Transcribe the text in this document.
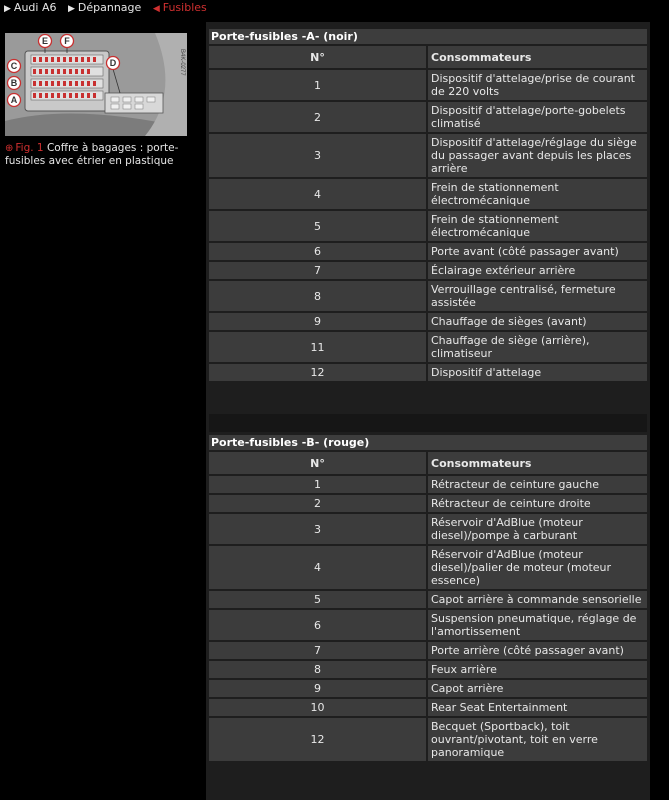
▶ Audi A6 ▶ Dépannage ◀ Fusibles
E F
C
B
A
D	B4K-0277
⊕ Fig. 1 Coffre à bagages : porte-fusibles avec étrier en plastique
Porte-fusibles -A- (noir)
N°	Consommateurs
1	Dispositif d'attelage/prise de courant de 220 volts
2	Dispositif d'attelage/porte-gobelets climatisé
3	Dispositif d'attelage/réglage du siège du passager avant depuis les places arrière
4	Frein de stationnement électromécanique
5	Frein de stationnement électromécanique
6	Porte avant (côté passager avant)
7	Éclairage extérieur arrière
8	Verrouillage centralisé, fermeture assistée
9	Chauffage de sièges (avant)
11	Chauffage de siège (arrière), climatiseur
12	Dispositif d'attelage
Porte-fusibles -B- (rouge)
N°	Consommateurs
1	Rétracteur de ceinture gauche
2	Rétracteur de ceinture droite
3	Réservoir d'AdBlue (moteur diesel)/pompe à carburant
4	Réservoir d'AdBlue (moteur diesel)/palier de moteur (moteur essence)
5	Capot arrière à commande sensorielle
6	Suspension pneumatique, réglage de l'amortissement
7	Porte arrière (côté passager avant)
8	Feux arrière
9	Capot arrière
10	Rear Seat Entertainment
12	Becquet (Sportback), toit ouvrant/pivotant, toit en verre panoramique
